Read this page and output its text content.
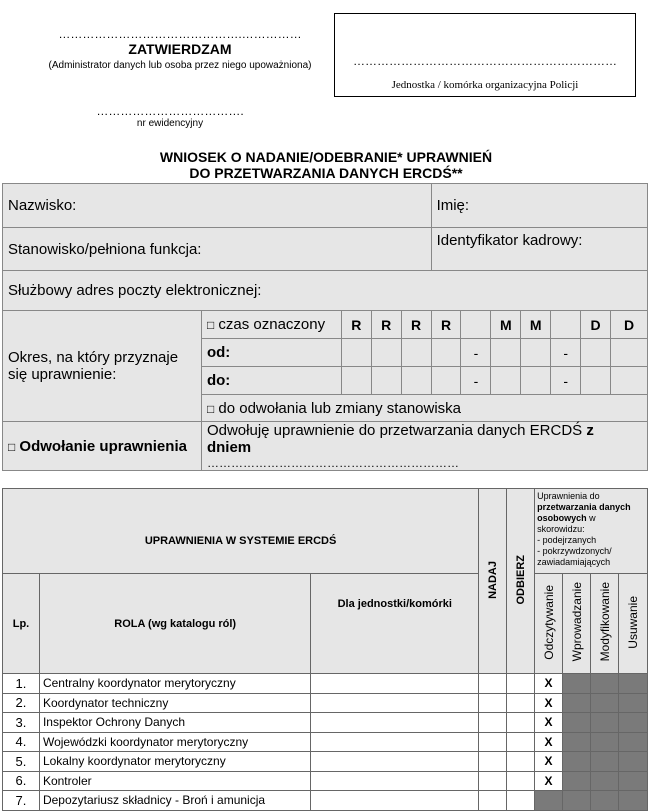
……………………………………….……………
ZATWIERDZAM
(Administrator danych lub osoba przez niego upoważniona)
……………………………….
nr ewidencyjny
…………………………………………………………
Jednostka / komórka organizacyjna Policji
WNIOSEK O NADANIE/ODEBRANIE* UPRAWNIEŃ
DO PRZETWARZANIA DANYCH ERCDŚ**
Nazwisko:					Imię:						
Stanowisko/pełniona funkcja:					Identyfikator kadrowy:						
Służbowy adres poczty elektronicznej:											
Okres, na który przyznaje się uprawnienie:	□ czas oznaczony	R	R	R	R		M	M		D	D
	od:					-			-		
	do:					-			-		
	□ do odwołania lub zmiany stanowiska										
□ Odwołanie uprawnienia	Odwołuję uprawnienie do przetwarzania danych ERCDŚ z dniem
………………………………………………………										
UPRAWNIENIA W SYSTEMIE ERCDŚ			NADAJ	ODBIERZ	Uprawnienia do przetwarzania danych osobowych w skorowidzu:
- podejrzanych
- pokrzywdzonych/ zawiadamiających			
Lp.	ROLA (wg katalogu ról)	Dla jednostki/komórki			Odczytywanie	Wprowadzanie	Modyfikowanie	Usuwanie
1.	Centralny koordynator merytoryczny				X			
2.	Koordynator techniczny				X			
3.	Inspektor Ochrony Danych				X			
4.	Wojewódzki koordynator merytoryczny				X			
5.	Lokalny koordynator merytoryczny				X			
6.	Kontroler				X			
7.	Depozytariusz składnicy - Broń i amunicja							
